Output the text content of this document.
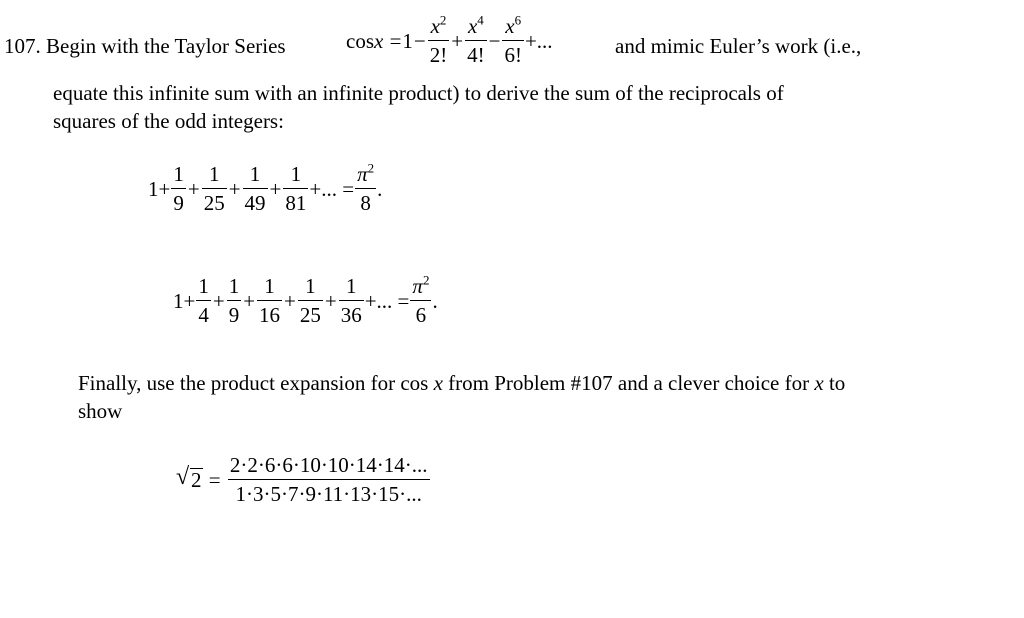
107. Begin with the Taylor Series	$\cos x =1- \frac{x^2}{2!} + \frac{x^4}{4!} - \frac{x^6}{6!}$ +...	and mimic Euler’s work (i.e.,
equate this infinite sum with an infinite product) to derive the sum of the reciprocals of
squares of the odd integers:
$1+ \frac{1}{9} + \frac{1}{25} + \frac{1}{49} + \frac{1}{81}$ +... = $\frac{\pi^2}{8}$ .
$1+ \frac{1}{4} + \frac{1}{9} + \frac{1}{16} + \frac{1}{25} + \frac{1}{36}$ +... = $\frac{\pi^2}{6}$ .
Finally, use the product expansion for cos x from Problem #107 and a clever choice for x to
show
√ $2 = \frac{2\cdot 2\cdot 6\cdot 6\cdot 10\cdot 10\cdot 14\cdot 14\cdot...}{1\cdot 3\cdot 5\cdot 7\cdot 9\cdot 11\cdot 13\cdot 15\cdot...}$
